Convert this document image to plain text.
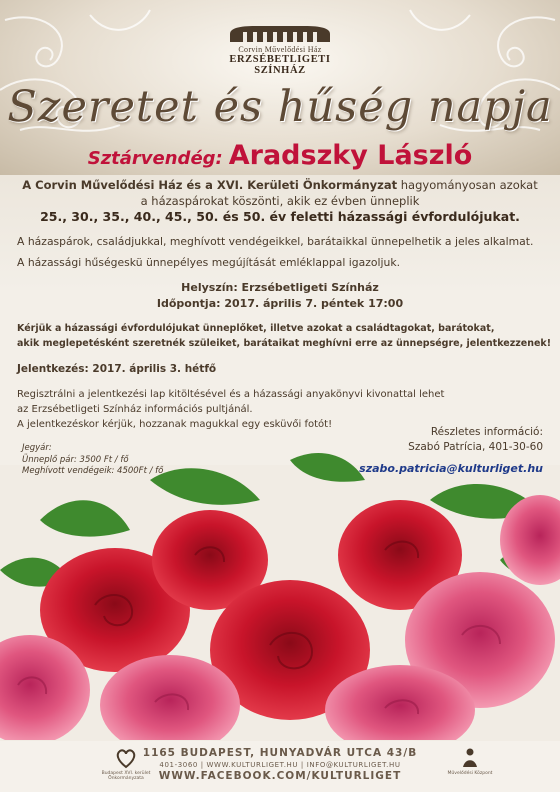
Corvin Művelődési Ház
ERZSÉBETLIGETI SZÍNHÁZ
Szeretet és hűség napja
Sztárvendég: Aradszky László
A Corvin Művelődési Ház és a XVI. Kerületi Önkormányzat hagyományosan azokat
a házaspárokat köszönti, akik ez évben ünneplik
25., 30., 35., 40., 45., 50. és 50. év feletti házassági évfordulójukat.
A házaspárok, családjukkal, meghívott vendégeikkel, barátaikkal ünnepelhetik a jeles alkalmat.
A házassági hűségeskü ünnepélyes megújítását emléklappal igazoljuk.
Helyszín: Erzsébetligeti Színház
Időpontja: 2017. április 7. péntek 17:00
Kérjük a házassági évfordulójukat ünneplőket, illetve azokat a családtagokat, barátokat,
akik meglepetésként szeretnék szüleiket, barátaikat meghívni erre az ünnepségre, jelentkezzenek!
Jelentkezés: 2017. április 3. hétfő
Regisztrálni a jelentkezési lap kitöltésével és a házassági anyakönyvi kivonattal lehet
az Erzsébetligeti Színház információs pultjánál.
A jelentkezéskor kérjük, hozzanak magukkal egy esküvői fotót!
Részletes információ:
Szabó Patrícia, 401-30-60
szabo.patricia@kulturliget.hu
Jegyár:
Ünneplő pár: 3500 Ft / fő
Meghívott vendégeik: 4500Ft / fő
Budapest XVI. kerület Önkormányzata
1165 BUDAPEST, HUNYADVÁR UTCA 43/B
401-3060 | WWW.KULTURLIGET.HU | INFO@KULTURLIGET.HU
WWW.FACEBOOK.COM/KULTURLIGET	Művelődési Központ
